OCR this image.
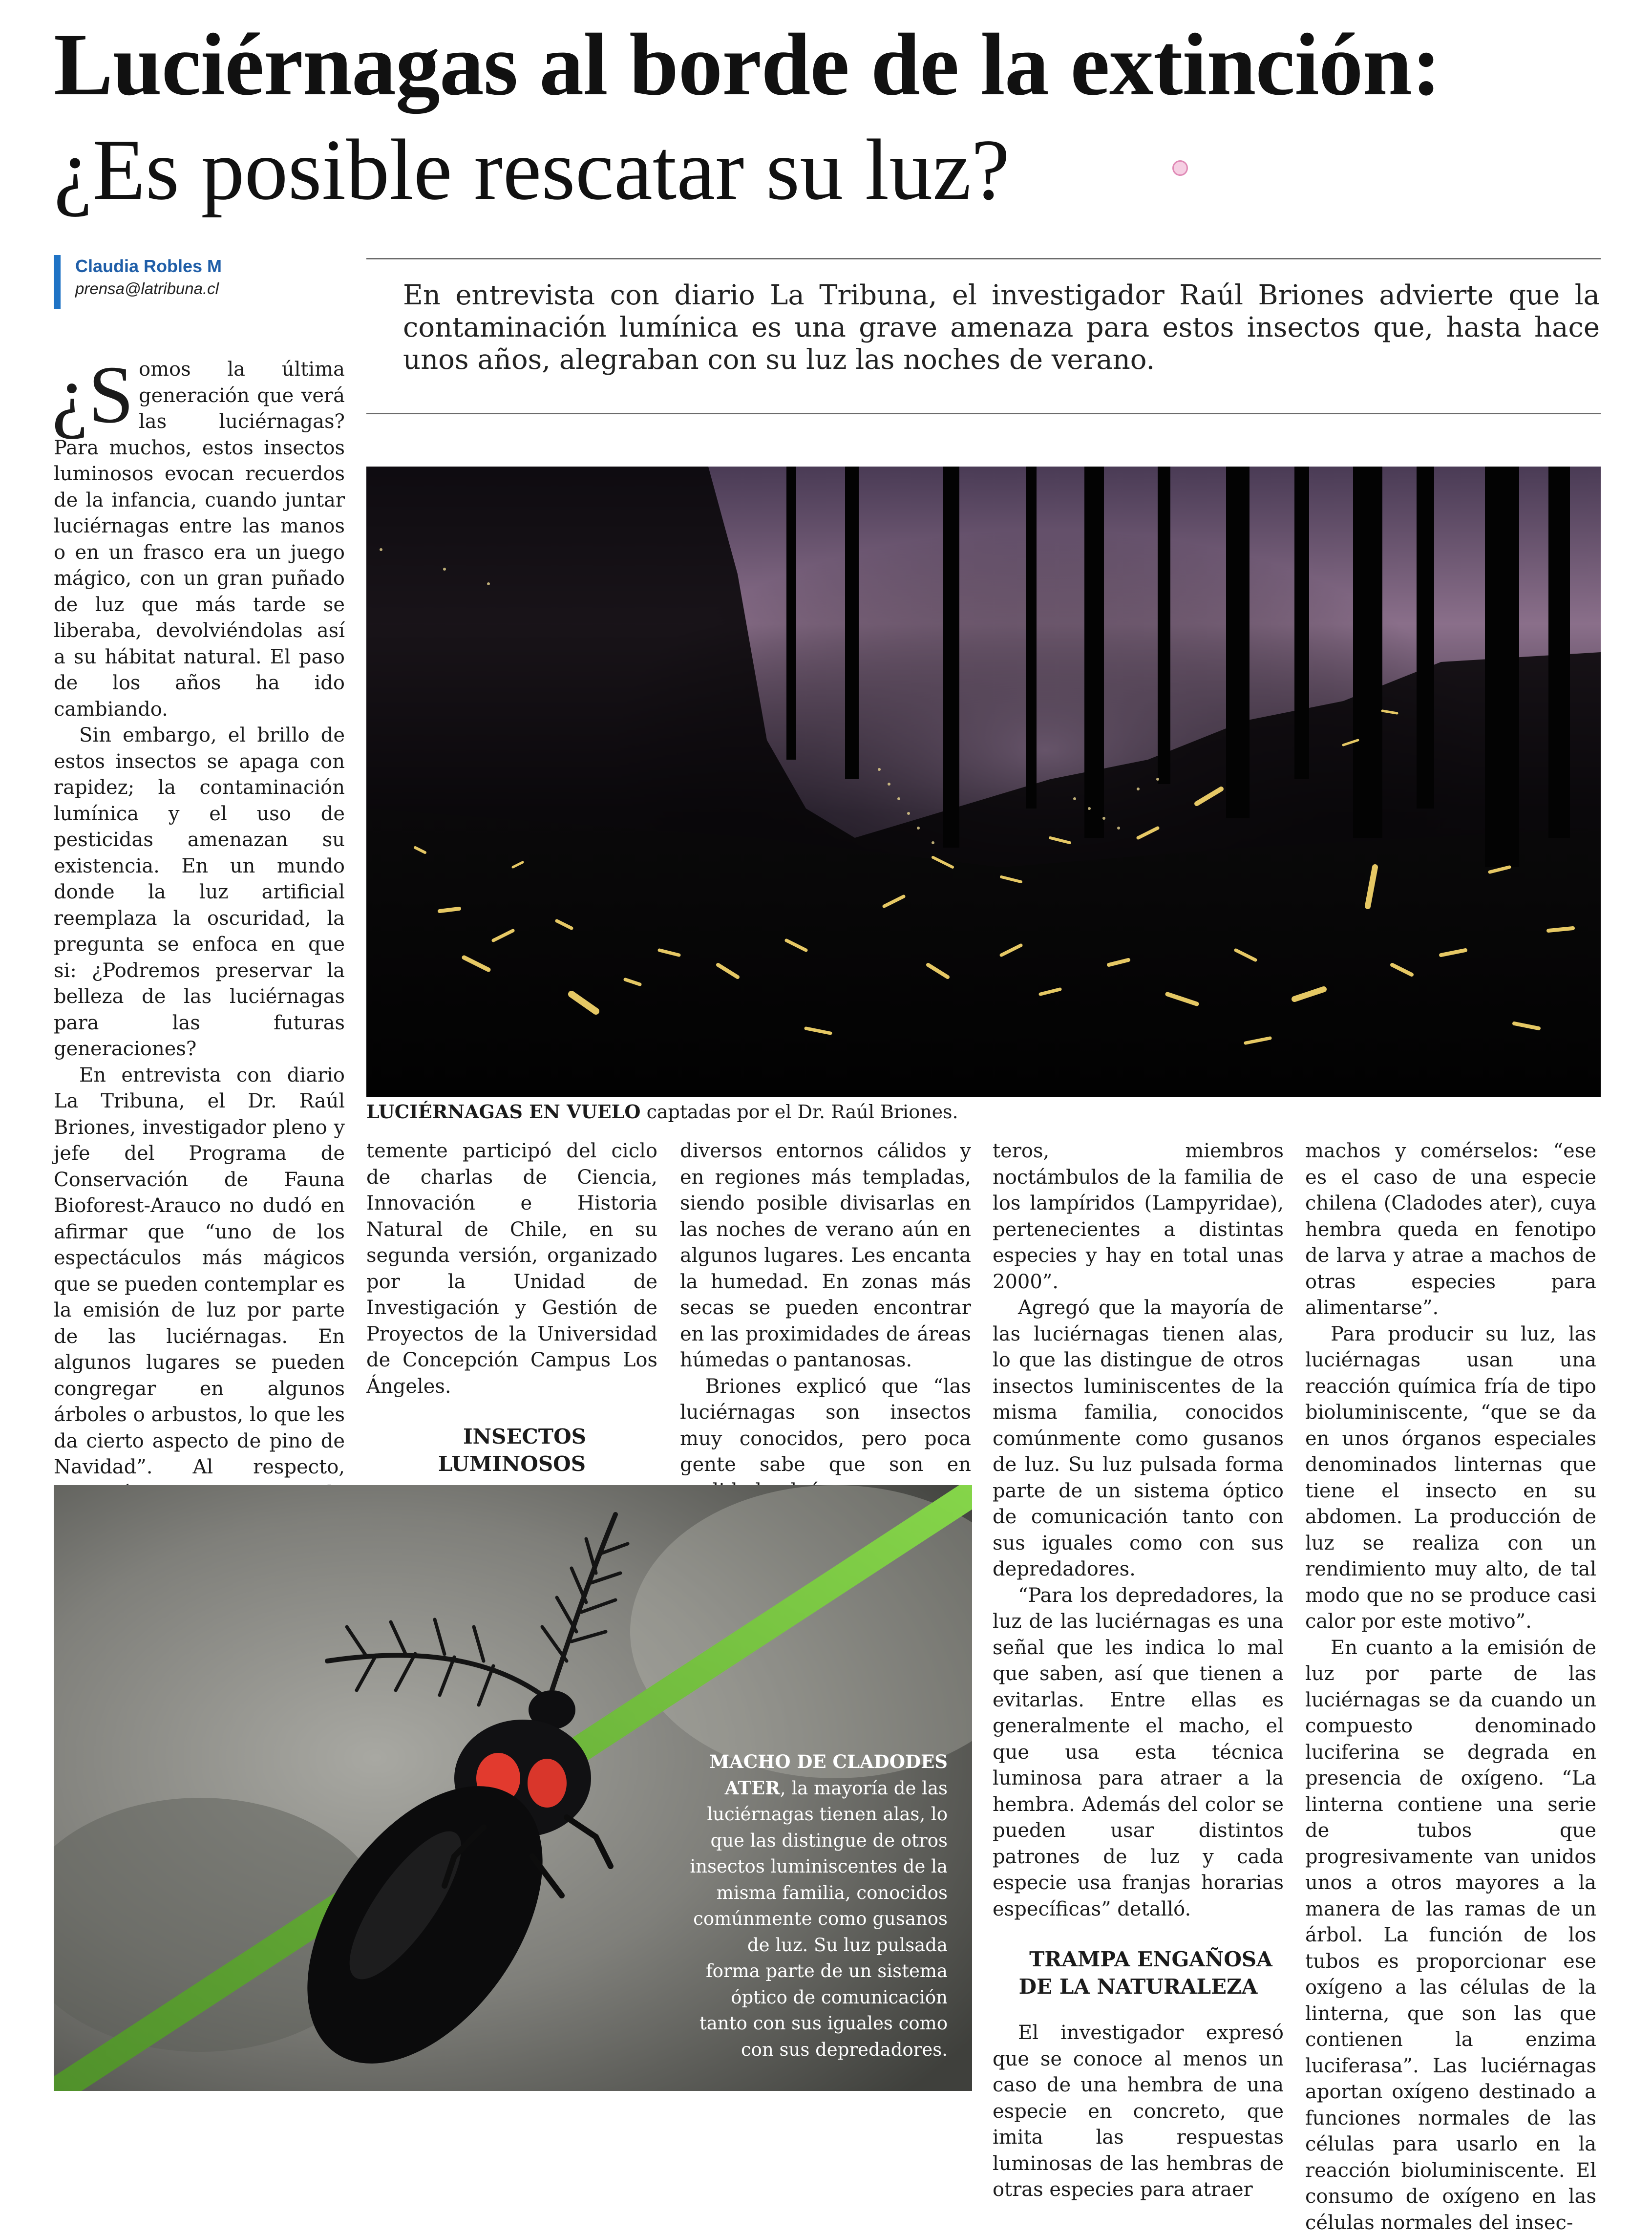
Luciérnagas al borde de la extinción:
¿Es posible rescatar su luz?
Claudia Robles M
prensa@latribuna.cl	En entrevista con diario La Tribuna, el investigador Raúl Briones advierte que la contaminación lumínica es una grave amenaza para estos insectos que, hasta hace unos años, alegraban con su luz las noches de verano.
LUCIÉRNAGAS EN VUELO captadas por el Dr. Raúl Briones.

¿S omos la última generación que verá las luciérnagas? Para muchos, estos insectos luminosos evocan recuerdos de la infancia, cuando juntar luciérnagas entre las manos o en un frasco era un juego mágico, con un gran puñado de luz que más tarde se liberaba, devolviéndolas así a su hábitat natural. El paso de los años ha ido cambiando.

Sin embargo, el brillo de estos insectos se apaga con rapidez; la contaminación lumínica y el uso de pesticidas amenazan su existencia. En un mundo donde la luz artificial reemplaza la oscuridad, la pregunta se enfoca en que si: ¿Podremos preservar la belleza de las luciérnagas para las futuras generaciones?

En entrevista con diario La Tribuna, el Dr. Raúl Briones, investigador pleno y jefe del Programa de Conservación de Fauna Bioforest-Arauco no dudó en afirmar que “uno de los espectáculos más mágicos que se pueden contemplar es la emisión de luz por parte de las luciérnagas. En algunos lugares se pueden congregar en algunos árboles o arbustos, lo que les da cierto aspecto de pino de Navidad”. Al respecto,

temente participó del ciclo de charlas de Ciencia, Innovación e Historia Natural de Chile, en su segunda versión, organizado por la Unidad de Investigación y Gestión de Proyectos de la Universidad de Concepción Campus Los Ángeles.

INSECTOS LUMINOSOS

diversos entornos cálidos y en regiones más templadas, siendo posible divisarlas en las noches de verano aún en algunos lugares. Les encanta la humedad. En zonas más secas se pueden encontrar en las proximidades de áreas húmedas o pantanosas.

Briones explicó que “las luciérnagas son insectos muy conocidos, pero poca gente sabe que son en

teros, miembros noctámbulos de la familia de los lampíridos (Lampyridae), pertenecientes a distintas especies y hay en total unas 2000”.

Agregó que la mayoría de las luciérnagas tienen alas, lo que las distingue de otros insectos luminiscentes de la misma familia, conocidos comúnmente como gusanos de luz. Su luz pulsada forma parte de un sistema óptico de comunicación tanto con sus iguales como con sus depredadores.

“Para los depredadores, la luz de las luciérnagas es una señal que les indica lo mal que saben, así que tienen a evitarlas. Entre ellas es generalmente el macho, el que usa esta técnica luminosa para atraer a la hembra. Además del color se pueden usar distintos patrones de luz y cada especie usa franjas horarias específicas” detalló.

TRAMPA ENGAÑOSA DE LA NATURALEZA

El investigador expresó que se conoce al menos un caso de una hembra de una especie en concreto, que imita las respuestas luminosas de las hembras de otras especies para atraer

machos y comérselos: “ese es el caso de una especie chilena (Cladodes ater), cuya hembra queda en fenotipo de larva y atrae a machos de otras especies para alimentarse”.

Para producir su luz, las luciérnagas usan una reacción química fría de tipo bioluminiscente, “que se da en unos órganos especiales denominados linternas que tiene el insecto en su abdomen. La producción de luz se realiza con un rendimiento muy alto, de tal modo que no se produce casi calor por este motivo”.

En cuanto a la emisión de luz por parte de las luciérnagas se da cuando un compuesto denominado luciferina se degrada en presencia de oxígeno. “La linterna contiene una serie de tubos que progresivamente van unidos unos a otros mayores a la manera de las ramas de un árbol. La función de los tubos es proporcionar ese oxígeno a las células de la linterna, que son las que contienen la enzima luciferasa”. Las luciérnagas aportan oxígeno destinado a funciones normales de las células para usarlo en la reacción bioluminiscente. El consumo de oxígeno en las células normales del insec-

MACHO DE CLADODES ATER, la mayoría de las luciérnagas tienen alas, lo que las distingue de otros insectos luminiscentes de la misma familia, conocidos comúnmente como gusanos de luz. Su luz pulsada forma parte de un sistema óptico de comunicación tanto con sus iguales como con sus depredadores.
